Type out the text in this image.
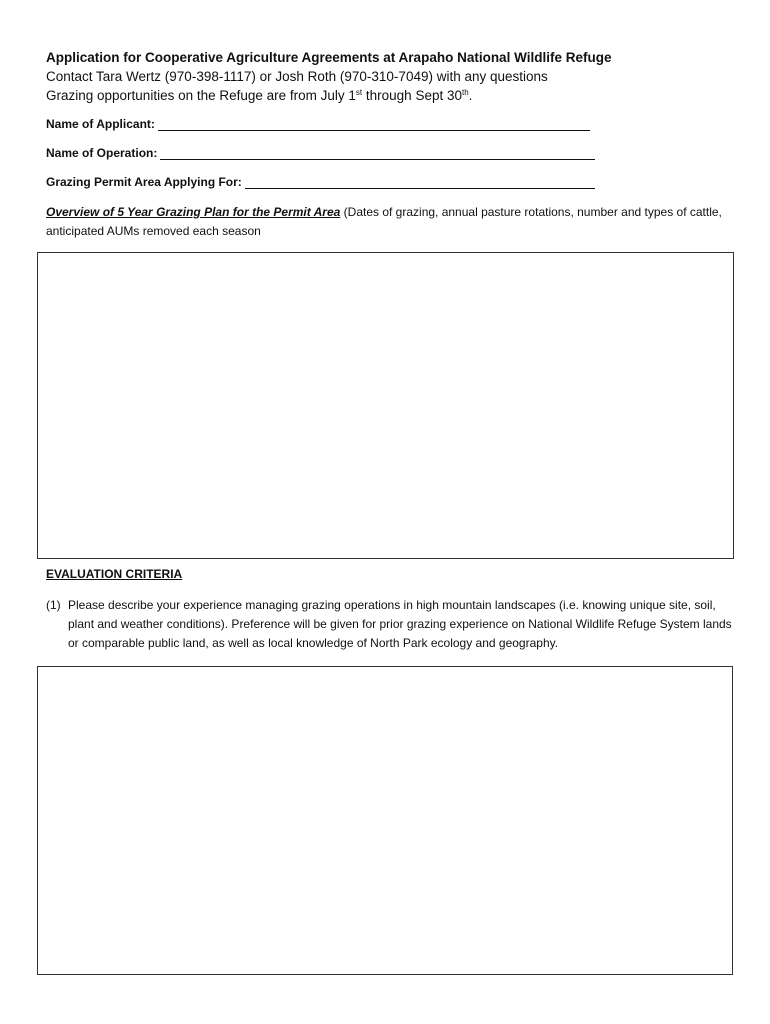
Application for Cooperative Agriculture Agreements at Arapaho National Wildlife Refuge

Contact Tara Wertz (970-398-1117) or Josh Roth (970-310-7049) with any questions

Grazing opportunities on the Refuge are from July 1st through Sept 30th.

Name of Applicant:
Name of Operation:
Grazing Permit Area Applying For:
Overview of 5 Year Grazing Plan for the Permit Area (Dates of grazing, annual pasture rotations, number and types of cattle, anticipated AUMs removed each season
EVALUATION CRITERIA
(1) Please describe your experience managing grazing operations in high mountain landscapes (i.e. knowing unique site, soil, plant and weather conditions). Preference will be given for prior grazing experience on National Wildlife Refuge System lands or comparable public land, as well as local knowledge of North Park ecology and geography.
